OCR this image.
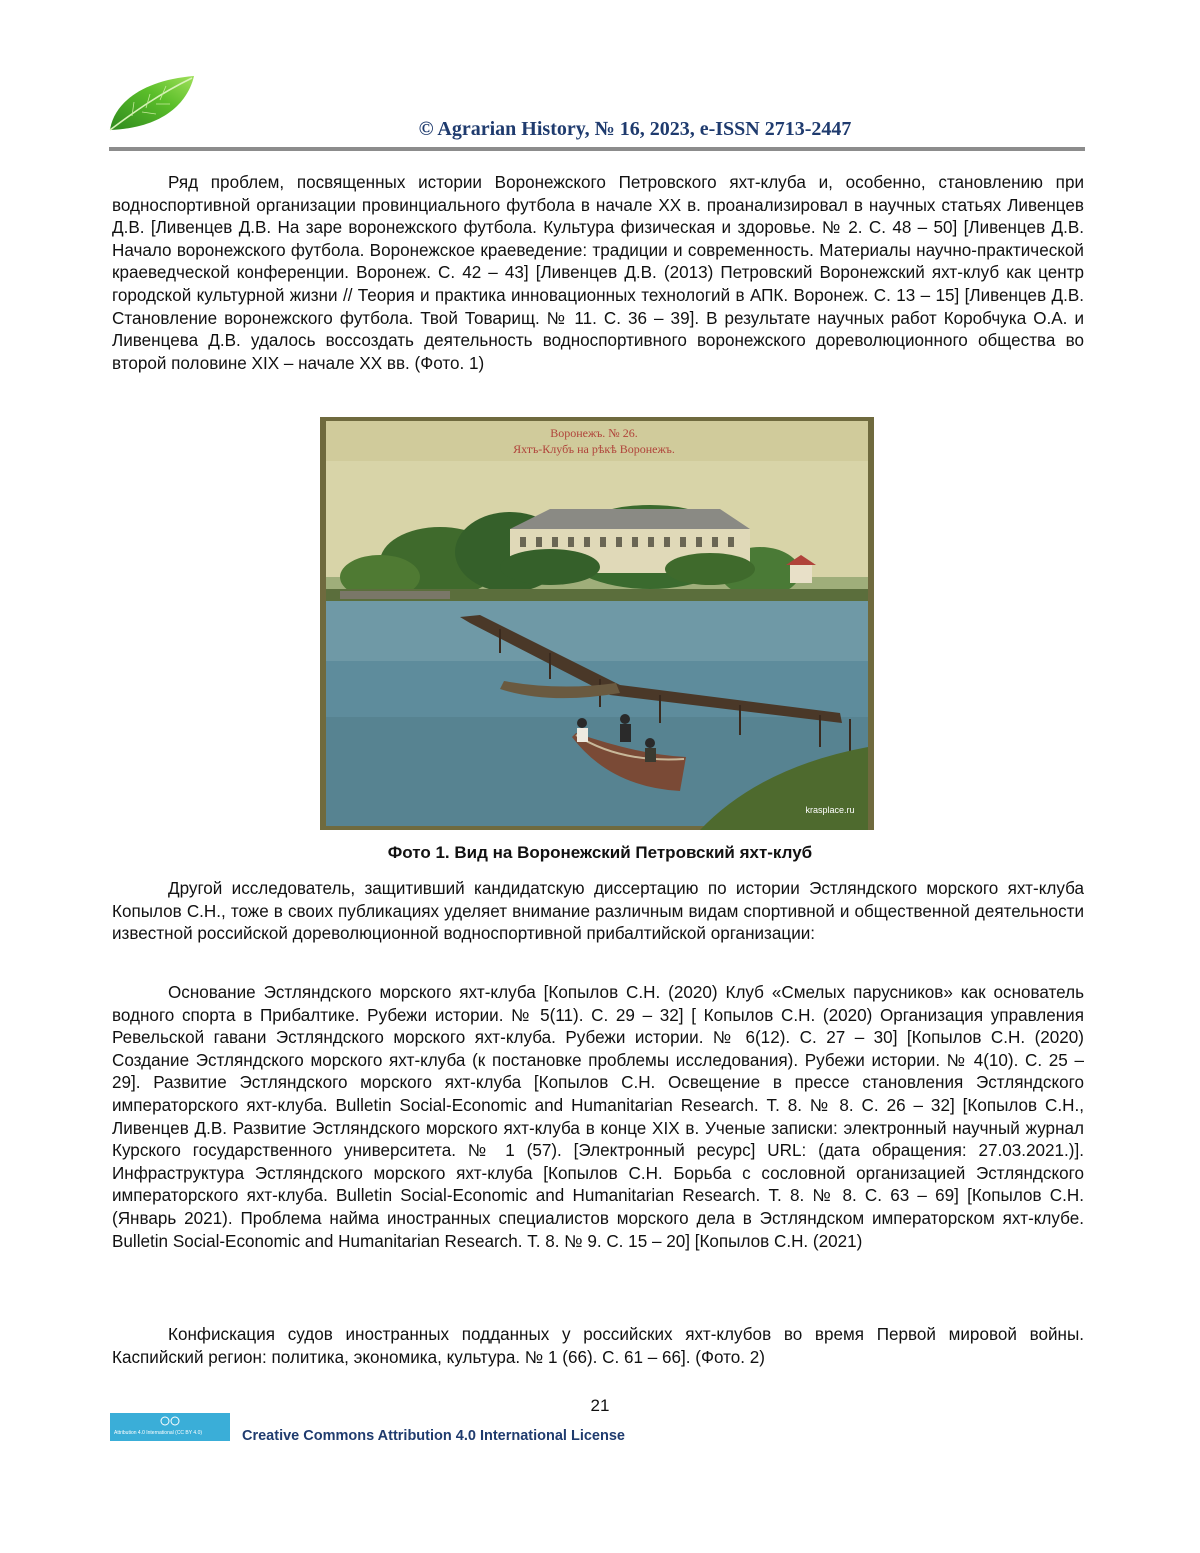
© Agrarian History, № 16, 2023, e-ISSN 2713-2447

Ряд проблем, посвященных истории Воронежского Петровского яхт-клуба и, особенно, становлению при водноспортивной организации провинциального футбола в начале XX в. проанализировал в научных статьях Ливенцев Д.В. [Ливенцев Д.В. На заре воронежского футбола. Культура физическая и здоровье. № 2. С. 48 – 50] [Ливенцев Д.В. Начало воронежского футбола. Воронежское краеведение: традиции и современность. Материалы научно-практической краеведческой конференции. Воронеж. С. 42 – 43] [Ливенцев Д.В. (2013) Петровский Воронежский яхт-клуб как центр городской культурной жизни // Теория и практика инновационных технологий в АПК. Воронеж. С. 13 – 15] [Ливенцев Д.В. Становление воронежского футбола. Твой Товарищ. № 11. С. 36 – 39]. В результате научных работ Коробчука О.А. и Ливенцева Д.В. удалось воссоздать деятельность водноспортивного воронежского дореволюционного общества во второй половине XIX – начале XX вв. (Фото. 1)

Воронежъ. № 26.
Яхтъ-Клубъ на рѣкѣ Воронежъ.
krasplace.ru
Фото 1. Вид на Воронежский Петровский яхт-клуб

Другой исследователь, защитивший кандидатскую диссертацию по истории Эстляндского морского яхт-клуба Копылов С.Н., тоже в своих публикациях уделяет внимание различным видам спортивной и общественной деятельности известной российской дореволюционной водноспортивной прибалтийской организации:

Основание Эстляндского морского яхт-клуба [Копылов С.Н. (2020) Клуб «Смелых парусников» как основатель водного спорта в Прибалтике. Рубежи истории. № 5(11). С. 29 – 32] [ Копылов С.Н. (2020) Организация управления Ревельской гавани Эстляндского морского яхт-клуба. Рубежи истории. № 6(12). С. 27 – 30] [Копылов С.Н. (2020) Создание Эстляндского морского яхт-клуба (к постановке проблемы исследования). Рубежи истории. № 4(10). С. 25 – 29]. Развитие Эстляндского морского яхт-клуба [Копылов С.Н. Освещение в прессе становления Эстляндского императорского яхт-клуба. Bulletin Social-Economic and Humanitarian Research. Т. 8. № 8. С. 26 – 32] [Копылов С.Н., Ливенцев Д.В. Развитие Эстляндского морского яхт-клуба в конце XIX в. Ученые записки: электронный научный журнал Курского государственного университета. № 1 (57). [Электронный ресурс] URL: (дата обращения: 27.03.2021.)]. Инфраструктура Эстляндского морского яхт-клуба [Копылов С.Н. Борьба с сословной организацией Эстляндского императорского яхт-клуба. Bulletin Social-Economic and Humanitarian Research. Т. 8. № 8. С. 63 – 69] [Копылов С.Н. (Январь 2021). Проблема найма иностранных специалистов морского дела в Эстляндском императорском яхт-клубе. Bulletin Social-Economic and Humanitarian Research. Т. 8. № 9. С. 15 – 20] [Копылов С.Н. (2021)

Конфискация судов иностранных подданных у российских яхт-клубов во время Первой мировой войны. Каспийский регион: политика, экономика, культура. № 1 (66). С. 61 – 66]. (Фото. 2)

21
Attribution 4.0 International (CC BY 4.0)	Creative Commons Attribution 4.0 International License
